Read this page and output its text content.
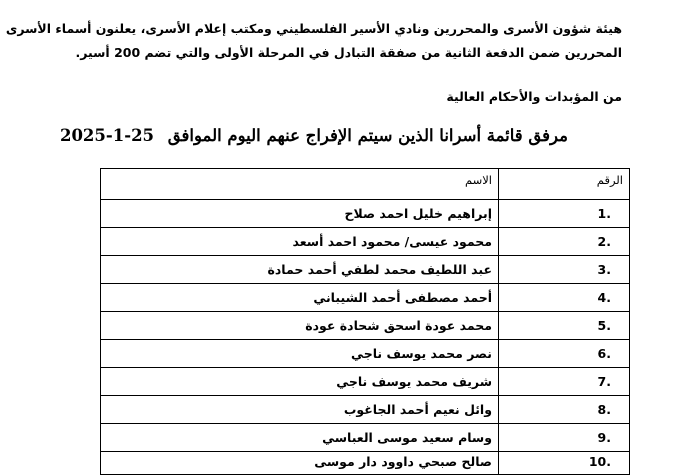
هيئة شؤون الأسرى والمحررين ونادي الأسير الفلسطيني ومكتب إعلام الأسرى، يعلنون أسماء الأسرى
المحررين ضمن الدفعة الثانية من صفقة التبادل في المرحلة الأولى والتي تضم 200 أسير.
من المؤبدات والأحكام العالية
مرفق قائمة أسرانا الذين سيتم الإفراج عنهم اليوم الموافق 2025-1-25
الرقم	الاسم
1.	إبراهيم خليل احمد صلاح
2.	محمود عيسى/ محمود احمد أسعد
3.	عبد اللطيف محمد لطفي أحمد حمادة
4.	أحمد مصطفى أحمد الشيباني
5.	محمد عودة اسحق شحادة عودة
6.	نصر محمد يوسف ناجي
7.	شريف محمد يوسف ناجي
8.	وائل نعيم أحمد الجاغوب
9.	وسام سعيد موسى العباسي
10.	صالح صبحي داوود دار موسى
